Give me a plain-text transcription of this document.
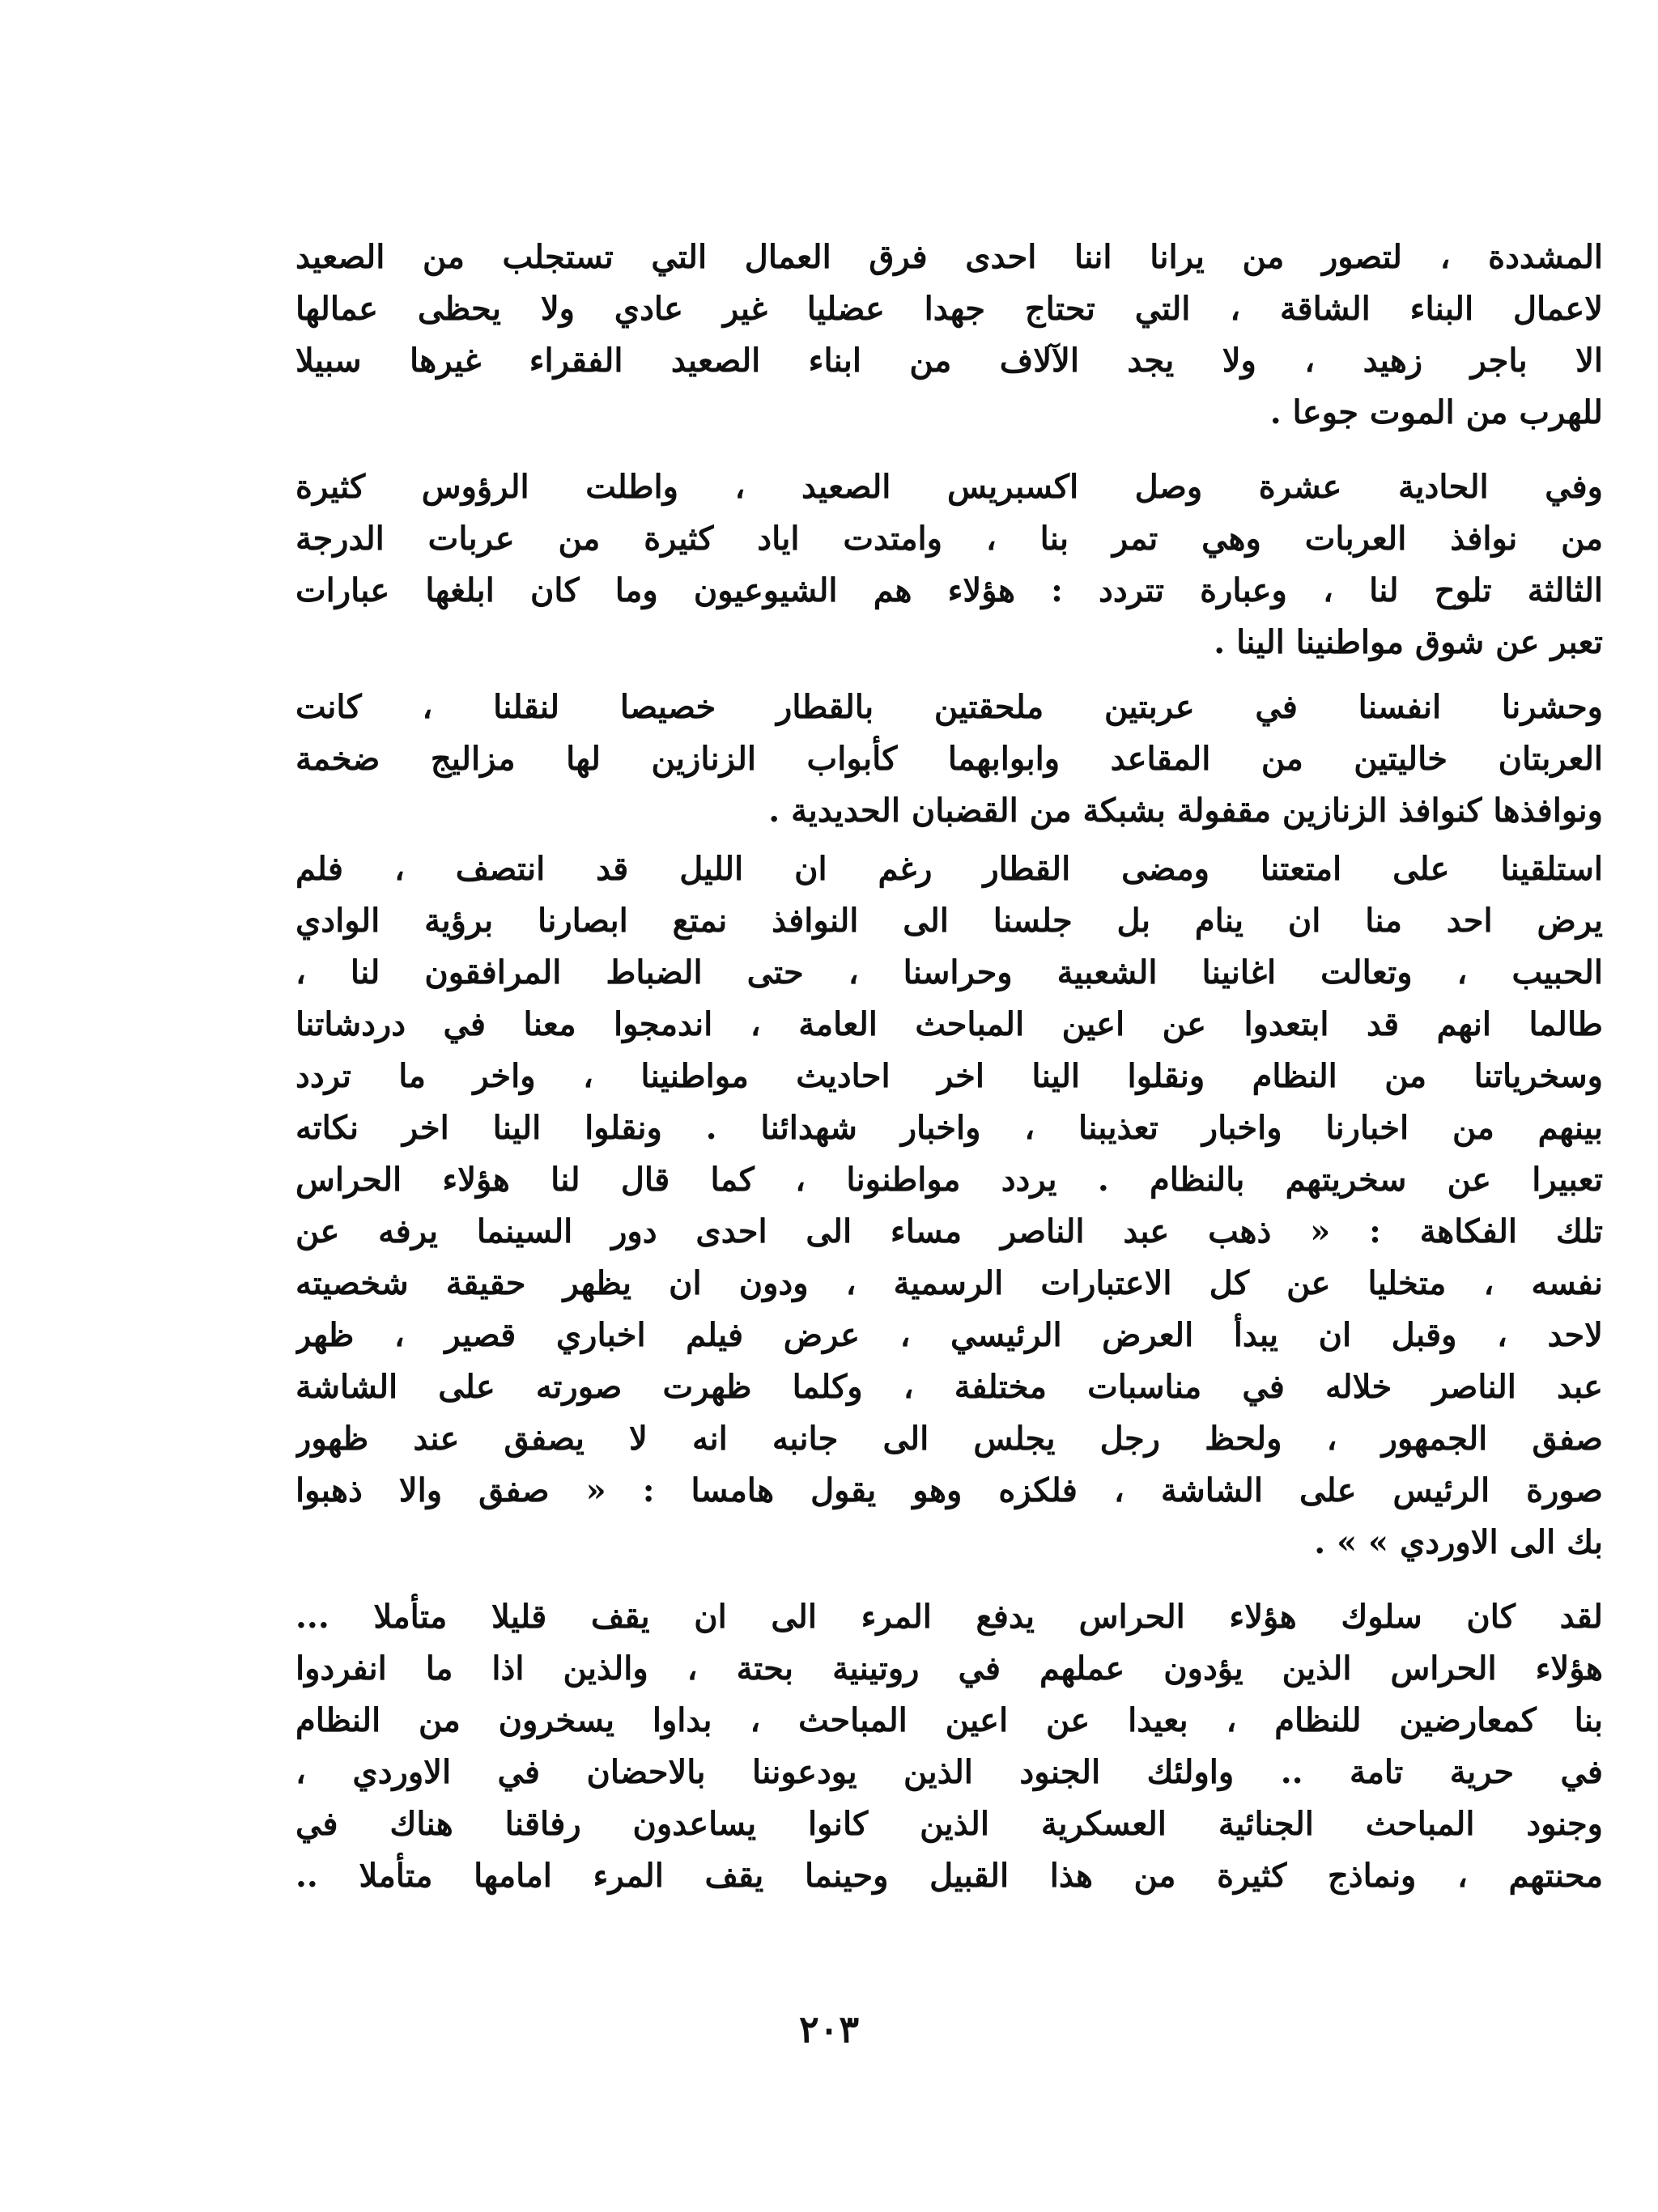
المشددة ، لتصور من يرانا اننا احدى فرق العمال التي تستجلب من الصعيد
لاعمال البناء الشاقة ، التي تحتاج جهدا عضليا غير عادي ولا يحظى عمالها
الا باجر زهيد ، ولا يجد الآلاف من ابناء الصعيد الفقراء غيرها سبيلا
للهرب من الموت جوعا .

وفي الحادية عشرة وصل اكسبريس الصعيد ، واطلت الرؤوس كثيرة
من نوافذ العربات وهي تمر بنا ، وامتدت اياد كثيرة من عربات الدرجة
الثالثة تلوح لنا ، وعبارة تتردد : هؤلاء هم الشيوعيون وما كان ابلغها عبارات
تعبر عن شوق مواطنينا الينا .

وحشرنا انفسنا في عربتين ملحقتين بالقطار خصيصا لنقلنا ، كانت
العربتان خاليتين من المقاعد وابوابهما كأبواب الزنازين لها مزاليج ضخمة
ونوافذها كنوافذ الزنازين مقفولة بشبكة من القضبان الحديدية .

استلقينا على امتعتنا ومضى القطار رغم ان الليل قد انتصف ، فلم
يرض احد منا ان ينام بل جلسنا الى النوافذ نمتع ابصارنا برؤية الوادي
الحبيب ، وتعالت اغانينا الشعبية وحراسنا ، حتى الضباط المرافقون لنا ،
طالما انهم قد ابتعدوا عن اعين المباحث العامة ، اندمجوا معنا في دردشاتنا
وسخرياتنا من النظام ونقلوا الينا اخر احاديث مواطنينا ، واخر ما تردد
بينهم من اخبارنا واخبار تعذيبنا ، واخبار شهدائنا . ونقلوا الينا اخر نكاته
تعبيرا عن سخريتهم بالنظام . يردد مواطنونا ، كما قال لنا هؤلاء الحراس
تلك الفكاهة : « ذهب عبد الناصر مساء الى احدى دور السينما يرفه عن
نفسه ، متخليا عن كل الاعتبارات الرسمية ، ودون ان يظهر حقيقة شخصيته
لاحد ، وقبل ان يبدأ العرض الرئيسي ، عرض فيلم اخباري قصير ، ظهر
عبد الناصر خلاله في مناسبات مختلفة ، وكلما ظهرت صورته على الشاشة
صفق الجمهور ، ولحظ رجل يجلس الى جانبه انه لا يصفق عند ظهور
صورة الرئيس على الشاشة ، فلكزه وهو يقول هامسا : « صفق والا ذهبوا
بك الى الاوردي » » .

لقد كان سلوك هؤلاء الحراس يدفع المرء الى ان يقف قليلا متأملا ...
هؤلاء الحراس الذين يؤدون عملهم في روتينية بحتة ، والذين اذا ما انفردوا
بنا كمعارضين للنظام ، بعيدا عن اعين المباحث ، بداوا يسخرون من النظام
في حرية تامة .. واولئك الجنود الذين يودعوننا بالاحضان في الاوردي ،
وجنود المباحث الجنائية العسكرية الذين كانوا يساعدون رفاقنا هناك في
محنتهم ، ونماذج كثيرة من هذا القبيل وحينما يقف المرء امامها متأملا ..

٢٠٣
